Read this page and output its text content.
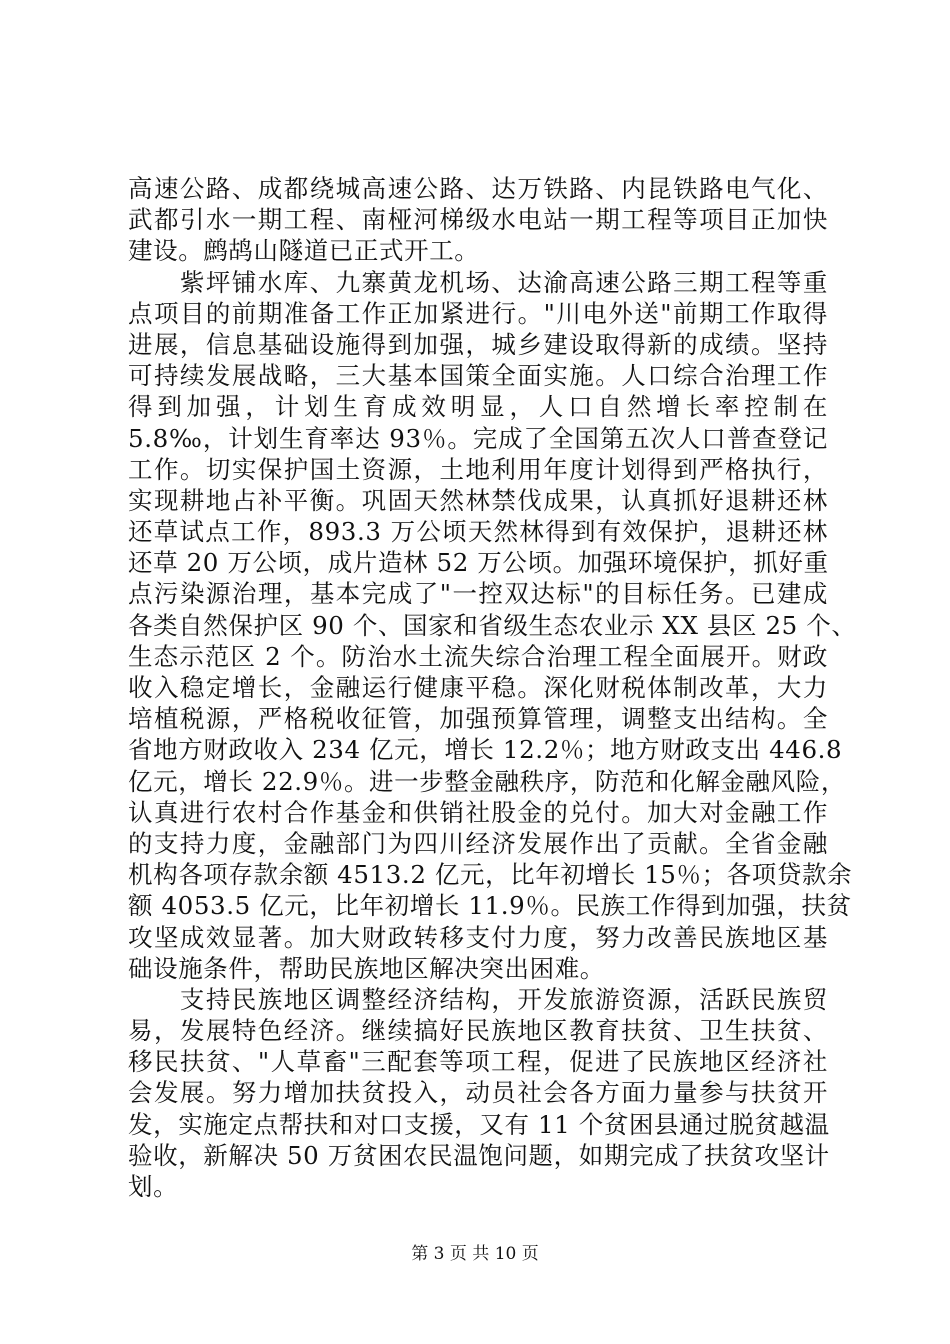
高速公路、成都绕城高速公路、达万铁路、内昆铁路电气化、
武都引水一期工程、南桠河梯级水电站一期工程等项目正加快
建设。鹧鸪山隧道已正式开工。
　　紫坪铺水库、九寨黄龙机场、达渝高速公路三期工程等重
点项目的前期准备工作正加紧进行。"川电外送"前期工作取得
进展，信息基础设施得到加强，城乡建设取得新的成绩。坚持
可持续发展战略，三大基本国策全面实施。人口综合治理工作
得到加强，计划生育成效明显，人口自然增长率控制在
5.8‰，计划生育率达 93％。完成了全国第五次人口普查登记
工作。切实保护国土资源，土地利用年度计划得到严格执行，
实现耕地占补平衡。巩固天然林禁伐成果，认真抓好退耕还林
还草试点工作，893.3 万公顷天然林得到有效保护，退耕还林
还草 20 万公顷，成片造林 52 万公顷。加强环境保护，抓好重
点污染源治理，基本完成了"一控双达标"的目标任务。已建成
各类自然保护区 90 个、国家和省级生态农业示 XX 县区 25 个、
生态示范区 2 个。防治水土流失综合治理工程全面展开。财政
收入稳定增长，金融运行健康平稳。深化财税体制改革，大力
培植税源，严格税收征管，加强预算管理，调整支出结构。全
省地方财政收入 234 亿元，增长 12.2％；地方财政支出 446.8
亿元，增长 22.9％。进一步整金融秩序，防范和化解金融风险，
认真进行农村合作基金和供销社股金的兑付。加大对金融工作
的支持力度，金融部门为四川经济发展作出了贡献。全省金融
机构各项存款余额 4513.2 亿元，比年初增长 15％；各项贷款余
额 4053.5 亿元，比年初增长 11.9％。民族工作得到加强，扶贫
攻坚成效显著。加大财政转移支付力度，努力改善民族地区基
础设施条件，帮助民族地区解决突出困难。
　　支持民族地区调整经济结构，开发旅游资源，活跃民族贸
易，发展特色经济。继续搞好民族地区教育扶贫、卫生扶贫、
移民扶贫、"人草畜"三配套等项工程，促进了民族地区经济社
会发展。努力增加扶贫投入，动员社会各方面力量参与扶贫开
发，实施定点帮扶和对口支援，又有 11 个贫困县通过脱贫越温
验收，新解决 50 万贫困农民温饱问题，如期完成了扶贫攻坚计
划。
第 3 页 共 10 页
